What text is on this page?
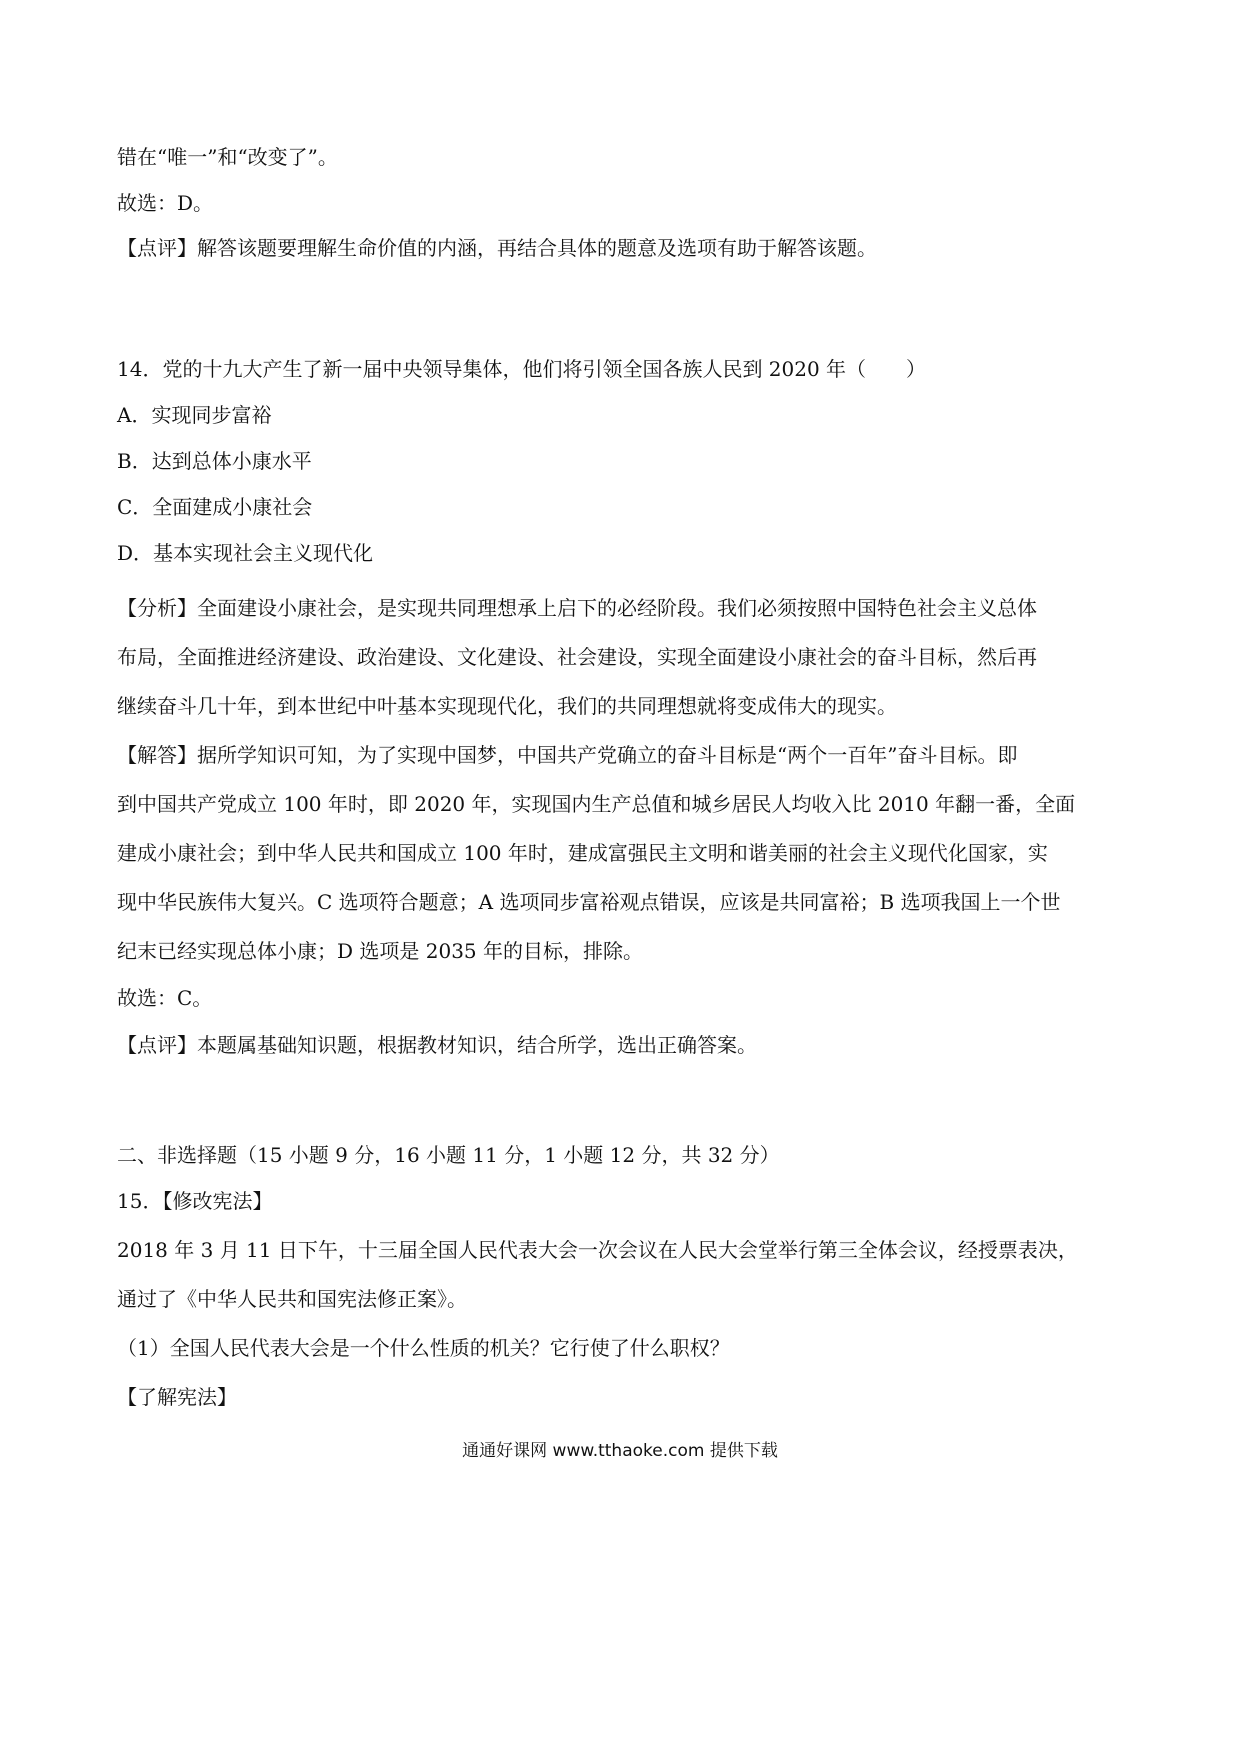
错在“唯一”和“改变了”。
故选：D。
【点评】解答该题要理解生命价值的内涵，再结合具体的题意及选项有助于解答该题。
14．党的十九大产生了新一届中央领导集体，他们将引领全国各族人民到 2020 年（　　）
A．实现同步富裕
B．达到总体小康水平
C．全面建成小康社会
D．基本实现社会主义现代化
【分析】全面建设小康社会，是实现共同理想承上启下的必经阶段。我们必须按照中国特色社会主义总体
布局，全面推进经济建设、政治建设、文化建设、社会建设，实现全面建设小康社会的奋斗目标，然后再
继续奋斗几十年，到本世纪中叶基本实现现代化，我们的共同理想就将变成伟大的现实。
【解答】据所学知识可知，为了实现中国梦，中国共产党确立的奋斗目标是“两个一百年”奋斗目标。即
到中国共产党成立 100 年时，即 2020 年，实现国内生产总值和城乡居民人均收入比 2010 年翻一番，全面
建成小康社会；到中华人民共和国成立 100 年时，建成富强民主文明和谐美丽的社会主义现代化国家，实
现中华民族伟大复兴。C 选项符合题意；A 选项同步富裕观点错误，应该是共同富裕；B 选项我国上一个世
纪末已经实现总体小康；D 选项是 2035 年的目标，排除。
故选：C。
【点评】本题属基础知识题，根据教材知识，结合所学，选出正确答案。
二、非选择题（15 小题 9 分，16 小题 11 分，1 小题 12 分，共 32 分）
15．【修改宪法】
2018 年 3 月 11 日下午，十三届全国人民代表大会一次会议在人民大会堂举行第三全体会议，经授票表决，
通过了《中华人民共和国宪法修正案》。
（1）全国人民代表大会是一个什么性质的机关？它行使了什么职权？
【了解宪法】
通通好课网 www.tthaoke.com 提供下载
